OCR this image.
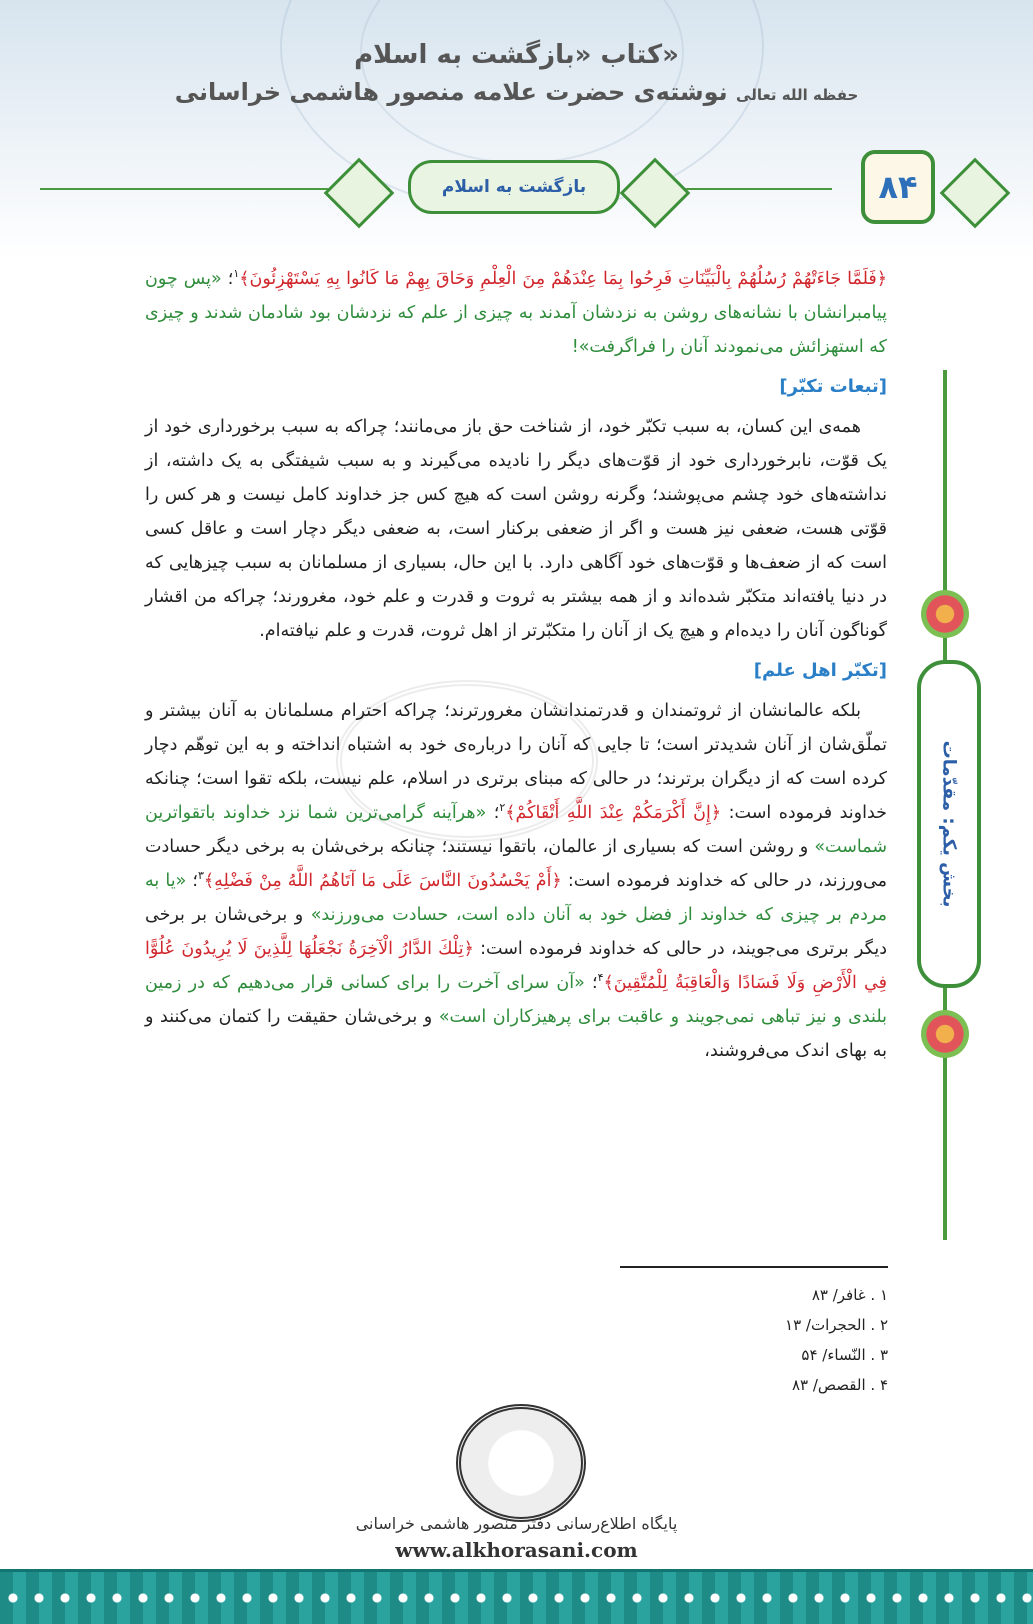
کتاب «بازگشت به اسلام»
حفظه الله تعالی نوشته‌ی حضرت علامه منصور هاشمی خراسانی
بازگشت به اسلام	۸۴
بخش یکم: مقدّمات

﴿فَلَمَّا جَاءَتْهُمْ رُسُلُهُمْ بِالْبَيِّنَاتِ فَرِحُوا بِمَا عِنْدَهُمْ مِنَ الْعِلْمِ وَحَاقَ بِهِمْ مَا كَانُوا بِهِ يَسْتَهْزِئُونَ﴾$^۱$؛ «پس چون پیامبرانشان با نشانه‌های روشن به نزدشان آمدند به چیزی از علم که نزدشان بود شادمان شدند و چیزی که استهزائش می‌نمودند آنان را فراگرفت»!

[تبعات تکبّر]

همه‌ی این کسان، به سبب تکبّر خود، از شناخت حق باز می‌مانند؛ چراکه به سبب برخورداری خود از یک قوّت، نابرخورداری خود از قوّت‌های دیگر را نادیده می‌گیرند و به سبب شیفتگی به یک داشته، از نداشته‌های خود چشم می‌پوشند؛ وگرنه روشن است که هیچ کس جز خداوند کامل نیست و هر کس را قوّتی هست، ضعفی نیز هست و اگر از ضعفی برکنار است، به ضعفی دیگر دچار است و عاقل کسی است که از ضعف‌ها و قوّت‌های خود آگاهی دارد. با این حال، بسیاری از مسلمانان به سبب چیزهایی که در دنیا یافته‌اند متکبّر شده‌اند و از همه بیشتر به ثروت و قدرت و علم خود، مغرورند؛ چراکه من اقشار گوناگون آنان را دیده‌ام و هیچ یک از آنان را متکبّرتر از اهل ثروت، قدرت و علم نیافته‌ام.

[تکبّر اهل علم]

بلکه عالمانشان از ثروتمندان و قدرتمندانشان مغرورترند؛ چراکه احترام مسلمانان به آنان بیشتر و تملّق‌شان از آنان شدیدتر است؛ تا جایی که آنان را درباره‌ی خود به اشتباه انداخته و به این توهّم دچار کرده است که از دیگران برترند؛ در حالی که مبنای برتری در اسلام، علم نیست، بلکه تقوا است؛ چنانکه خداوند فرموده است: ﴿إِنَّ أَكْرَمَكُمْ عِنْدَ اللَّهِ أَتْقَاكُمْ﴾$^۲$؛ «هرآینه گرامی‌ترین شما نزد خداوند باتقواترین شماست» و روشن است که بسیاری از عالمان، باتقوا نیستند؛ چنانکه برخی‌شان به برخی دیگر حسادت می‌ورزند، در حالی که خداوند فرموده است: ﴿أَمْ يَحْسُدُونَ النَّاسَ عَلَى مَا آتَاهُمُ اللَّهُ مِنْ فَضْلِهِ﴾$^۳$؛ «یا به مردم بر چیزی که خداوند از فضل خود به آنان داده است، حسادت می‌ورزند» و برخی‌شان بر برخی دیگر برتری می‌جویند، در حالی که خداوند فرموده است: ﴿تِلْكَ الدَّارُ الْآخِرَةُ نَجْعَلُهَا لِلَّذِينَ لَا يُرِيدُونَ عُلُوًّا فِي الْأَرْضِ وَلَا فَسَادًا وَالْعَاقِبَةُ لِلْمُتَّقِينَ﴾$^۴$؛ «آن سرای آخرت را برای کسانی قرار می‌دهیم که در زمین بلندی و نیز تباهی نمی‌جویند و عاقبت برای پرهیزکاران است» و برخی‌شان حقیقت را کتمان می‌کنند و به بهای اندک می‌فروشند،

۱ . غافر/ ۸۳
۲ . الحجرات/ ۱۳
۳ . النّساء/ ۵۴
۴ . القصص/ ۸۳
پایگاه اطلاع‌رسانی دفتر منصور هاشمی خراسانی
www.alkhorasani.com
